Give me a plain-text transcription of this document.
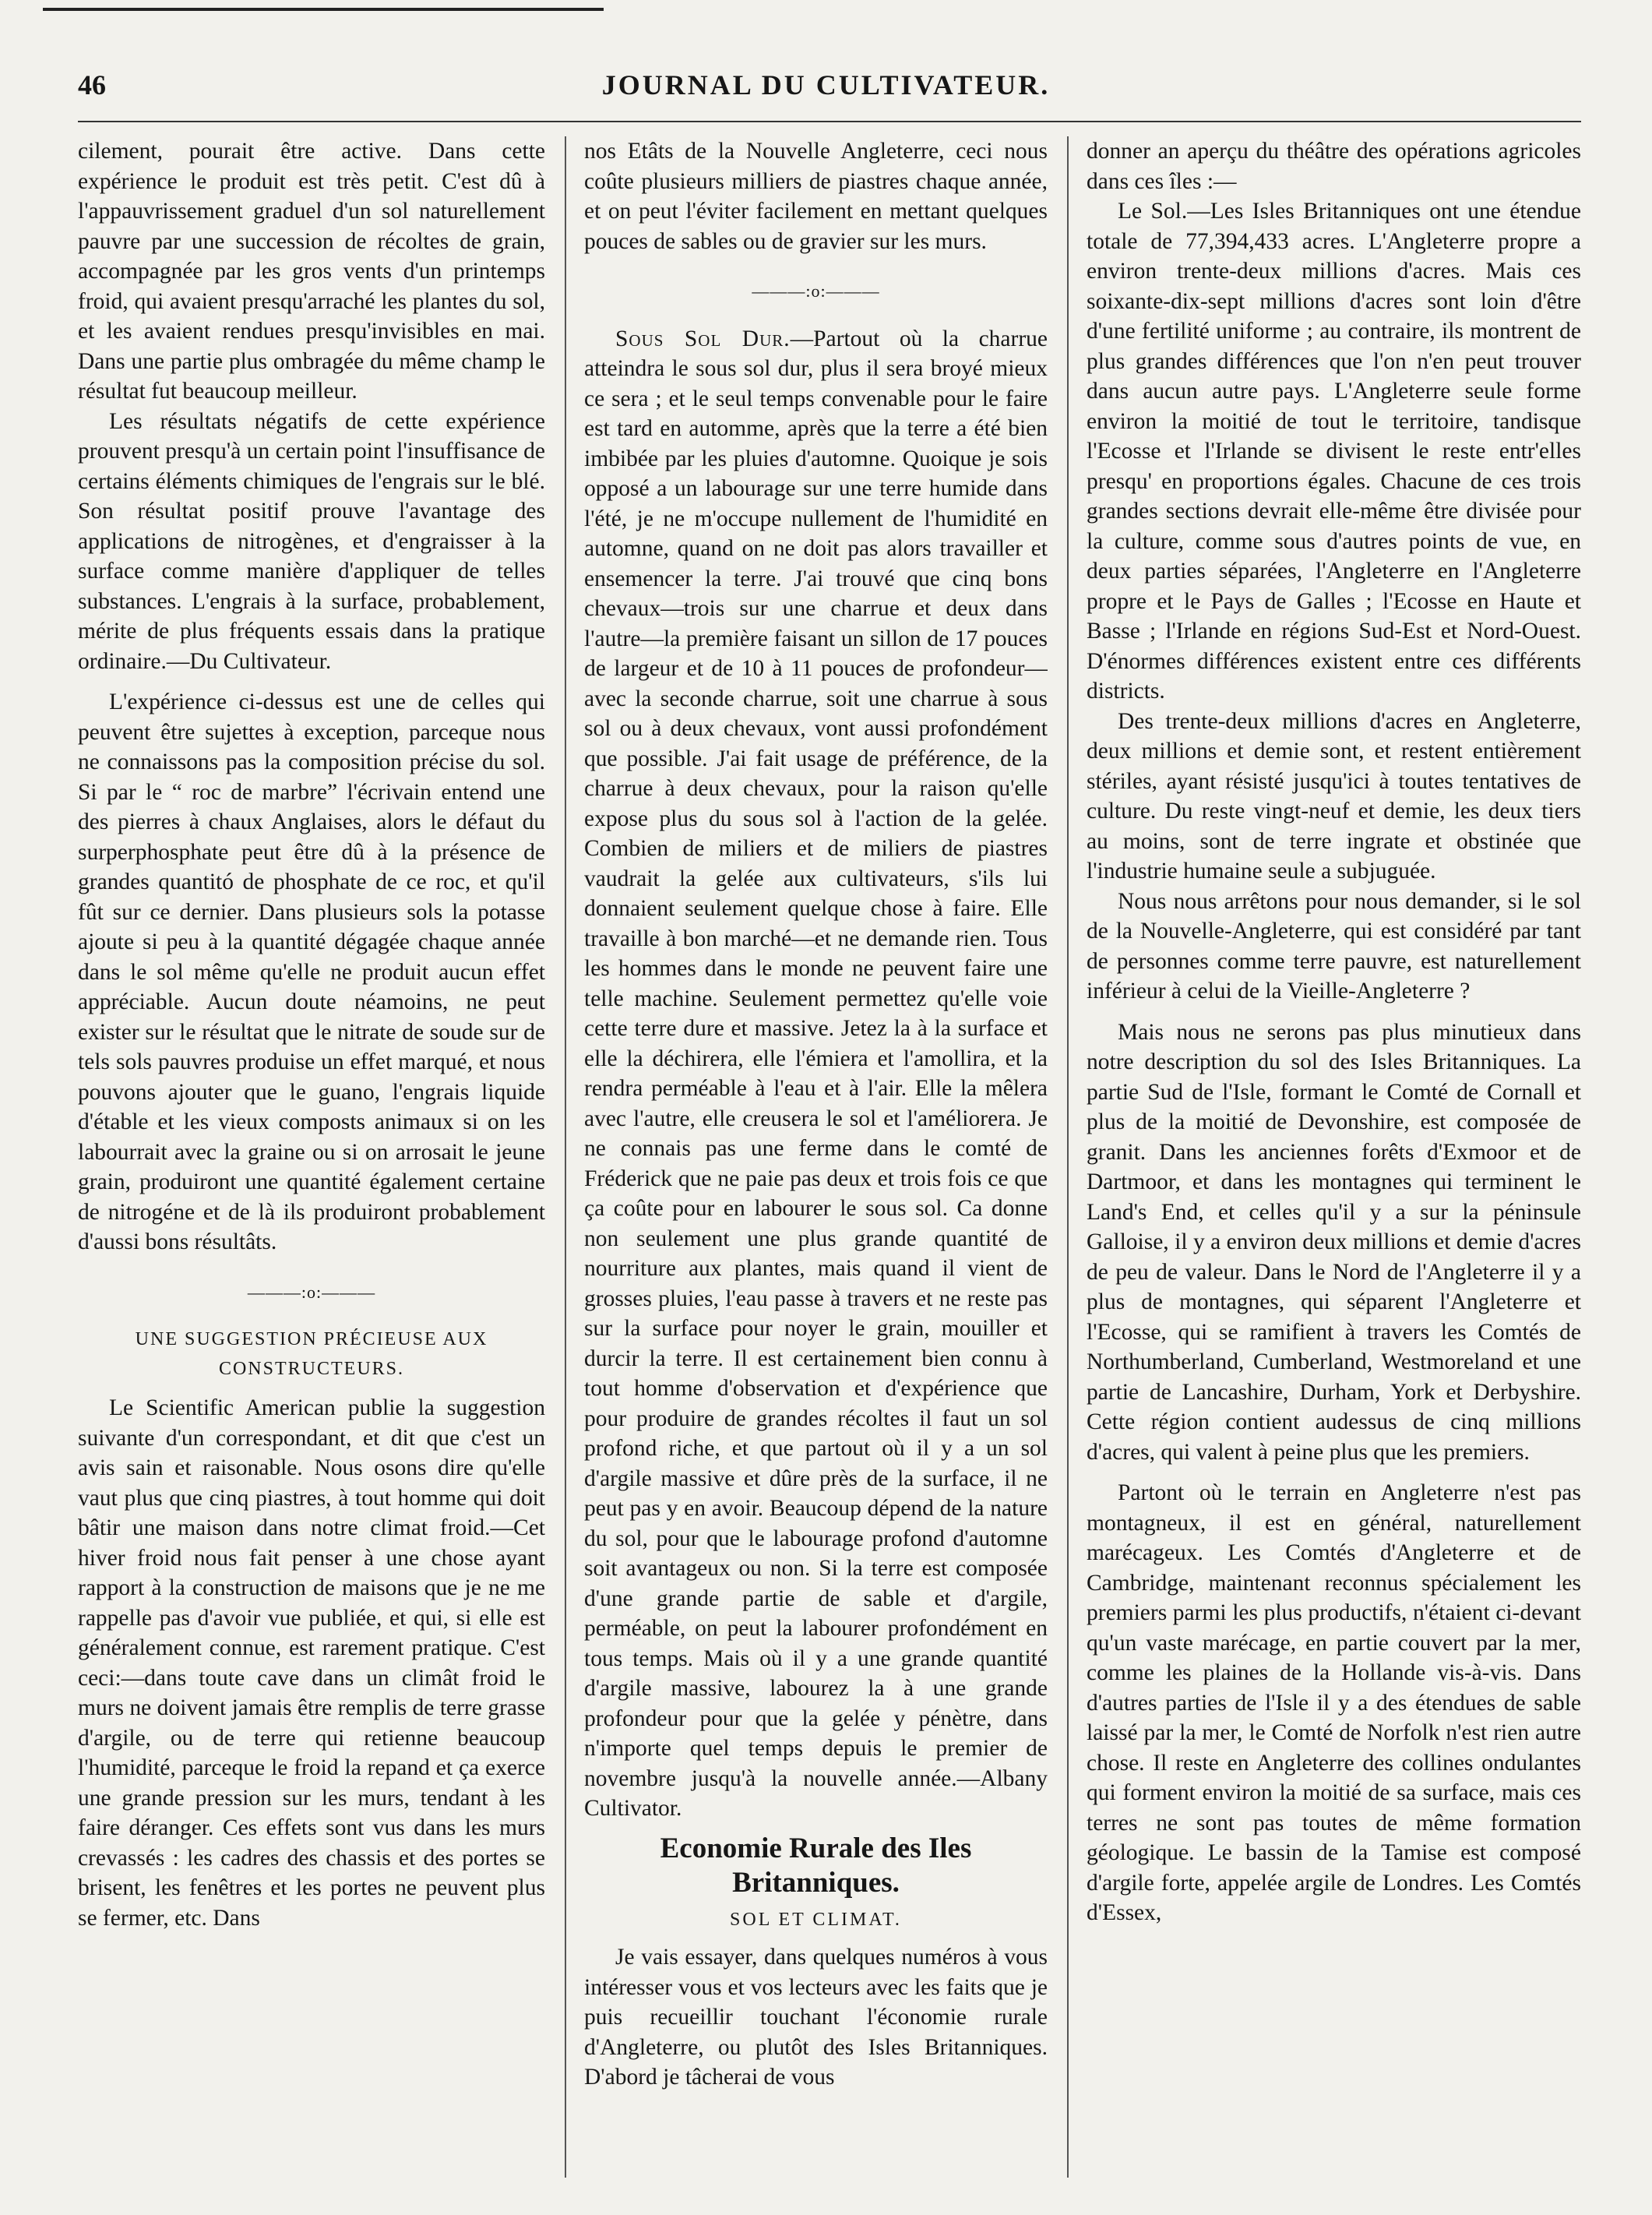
46	JOURNAL DU CULTIVATEUR.

cilement, pourait être active. Dans cette expérience le produit est très petit. C'est dû à l'appauvrissement graduel d'un sol naturellement pauvre par une succession de récoltes de grain, accompagnée par les gros vents d'un printemps froid, qui avaient presqu'arraché les plantes du sol, et les avaient rendues presqu'invisibles en mai. Dans une partie plus ombragée du même champ le résultat fut beaucoup meilleur.

Les résultats négatifs de cette expérience prouvent presqu'à un certain point l'insuffisance de certains éléments chimiques de l'engrais sur le blé. Son résultat positif prouve l'avantage des applications de nitrogènes, et d'engraisser à la surface comme manière d'appliquer de telles substances. L'engrais à la surface, probablement, mérite de plus fréquents essais dans la pratique ordinaire.—Du Cultivateur.

L'expérience ci-dessus est une de celles qui peuvent être sujettes à exception, parceque nous ne connaissons pas la composition précise du sol. Si par le “ roc de marbre” l'écrivain entend une des pierres à chaux Anglaises, alors le défaut du surperphosphate peut être dû à la présence de grandes quantitó de phosphate de ce roc, et qu'il fût sur ce dernier. Dans plusieurs sols la potasse ajoute si peu à la quantité dégagée chaque année dans le sol même qu'elle ne produit aucun effet appréciable. Aucun doute néamoins, ne peut exister sur le résultat que le nitrate de soude sur de tels sols pauvres produise un effet marqué, et nous pouvons ajouter que le guano, l'engrais liquide d'étable et les vieux composts animaux si on les labourrait avec la graine ou si on arrosait le jeune grain, produiront une quantité également certaine de nitrogéne et de là ils produiront probablement d'aussi bons résultâts.

———:o:———
UNE SUGGESTION PRÉCIEUSE AUX CONSTRUCTEURS.

Le Scientific American publie la suggestion suivante d'un correspondant, et dit que c'est un avis sain et raisonable. Nous osons dire qu'elle vaut plus que cinq piastres, à tout homme qui doit bâtir une maison dans notre climat froid.—Cet hiver froid nous fait penser à une chose ayant rapport à la construction de maisons que je ne me rappelle pas d'avoir vue publiée, et qui, si elle est généralement connue, est rarement pratique. C'est ceci:—dans toute cave dans un climât froid le murs ne doivent jamais être remplis de terre grasse d'argile, ou de terre qui retienne beaucoup l'humidité, parceque le froid la repand et ça exerce une grande pression sur les murs, tendant à les faire déranger. Ces effets sont vus dans les murs crevassés : les cadres des chassis et des portes se brisent, les fenêtres et les portes ne peuvent plus se fermer, etc. Dans

nos Etâts de la Nouvelle Angleterre, ceci nous coûte plusieurs milliers de piastres chaque année, et on peut l'éviter facilement en mettant quelques pouces de sables ou de gravier sur les murs.

———:o:———

Sous Sol Dur.—Partout où la charrue atteindra le sous sol dur, plus il sera broyé mieux ce sera ; et le seul temps convenable pour le faire est tard en automme, après que la terre a été bien imbibée par les pluies d'automne. Quoique je sois opposé a un labourage sur une terre humide dans l'été, je ne m'occupe nullement de l'humidité en automne, quand on ne doit pas alors travailler et ensemencer la terre. J'ai trouvé que cinq bons chevaux—trois sur une charrue et deux dans l'autre—la première faisant un sillon de 17 pouces de largeur et de 10 à 11 pouces de profondeur—avec la seconde charrue, soit une charrue à sous sol ou à deux chevaux, vont aussi profondément que possible. J'ai fait usage de préférence, de la charrue à deux chevaux, pour la raison qu'elle expose plus du sous sol à l'action de la gelée. Combien de miliers et de miliers de piastres vaudrait la gelée aux cultivateurs, s'ils lui donnaient seulement quelque chose à faire. Elle travaille à bon marché—et ne demande rien. Tous les hommes dans le monde ne peuvent faire une telle machine. Seulement permettez qu'elle voie cette terre dure et massive. Jetez la à la surface et elle la déchirera, elle l'émiera et l'amollira, et la rendra perméable à l'eau et à l'air. Elle la mêlera avec l'autre, elle creusera le sol et l'améliorera. Je ne connais pas une ferme dans le comté de Fréderick que ne paie pas deux et trois fois ce que ça coûte pour en labourer le sous sol. Ca donne non seulement une plus grande quantité de nourriture aux plantes, mais quand il vient de grosses pluies, l'eau passe à travers et ne reste pas sur la surface pour noyer le grain, mouiller et durcir la terre. Il est certainement bien connu à tout homme d'observation et d'expérience que pour produire de grandes récoltes il faut un sol profond riche, et que partout où il y a un sol d'argile massive et dûre près de la surface, il ne peut pas y en avoir. Beaucoup dépend de la nature du sol, pour que le labourage profond d'automne soit avantageux ou non. Si la terre est composée d'une grande partie de sable et d'argile, perméable, on peut la labourer profondément en tous temps. Mais où il y a une grande quantité d'argile massive, labourez la à une grande profondeur pour que la gelée y pénètre, dans n'importe quel temps depuis le premier de novembre jusqu'à la nouvelle année.—Albany Cultivator.

Economie Rurale des Iles Britanniques.
SOL ET CLIMAT.

Je vais essayer, dans quelques numéros à vous intéresser vous et vos lecteurs avec les faits que je puis recueillir touchant l'économie rurale d'Angleterre, ou plutôt des Isles Britanniques. D'abord je tâcherai de vous

donner an aperçu du théâtre des opérations agricoles dans ces îles :—

Le Sol.—Les Isles Britanniques ont une étendue totale de 77,394,433 acres. L'Angleterre propre a environ trente-deux millions d'acres. Mais ces soixante-dix-sept millions d'acres sont loin d'être d'une fertilité uniforme ; au contraire, ils montrent de plus grandes différences que l'on n'en peut trouver dans aucun autre pays. L'Angleterre seule forme environ la moitié de tout le territoire, tandisque l'Ecosse et l'Irlande se divisent le reste entr'elles presqu' en proportions égales. Chacune de ces trois grandes sections devrait elle-même être divisée pour la culture, comme sous d'autres points de vue, en deux parties séparées, l'Angleterre en l'Angleterre propre et le Pays de Galles ; l'Ecosse en Haute et Basse ; l'Irlande en régions Sud-Est et Nord-Ouest. D'énormes différences existent entre ces différents districts.

Des trente-deux millions d'acres en Angleterre, deux millions et demie sont, et restent entièrement stériles, ayant résisté jusqu'ici à toutes tentatives de culture. Du reste vingt-neuf et demie, les deux tiers au moins, sont de terre ingrate et obstinée que l'industrie humaine seule a subjuguée.

Nous nous arrêtons pour nous demander, si le sol de la Nouvelle-Angleterre, qui est considéré par tant de personnes comme terre pauvre, est naturellement inférieur à celui de la Vieille-Angleterre ?

Mais nous ne serons pas plus minutieux dans notre description du sol des Isles Britanniques. La partie Sud de l'Isle, formant le Comté de Cornall et plus de la moitié de Devonshire, est composée de granit. Dans les anciennes forêts d'Exmoor et de Dartmoor, et dans les montagnes qui terminent le Land's End, et celles qu'il y a sur la péninsule Galloise, il y a environ deux millions et demie d'acres de peu de valeur. Dans le Nord de l'Angleterre il y a plus de montagnes, qui séparent l'Angleterre et l'Ecosse, qui se ramifient à travers les Comtés de Northumberland, Cumberland, Westmoreland et une partie de Lancashire, Durham, York et Derbyshire. Cette région contient audessus de cinq millions d'acres, qui valent à peine plus que les premiers.

Partont où le terrain en Angleterre n'est pas montagneux, il est en général, naturellement marécageux. Les Comtés d'Angleterre et de Cambridge, maintenant reconnus spécialement les premiers parmi les plus productifs, n'étaient ci-devant qu'un vaste marécage, en partie couvert par la mer, comme les plaines de la Hollande vis-à-vis. Dans d'autres parties de l'Isle il y a des étendues de sable laissé par la mer, le Comté de Norfolk n'est rien autre chose. Il reste en Angleterre des collines ondulantes qui forment environ la moitié de sa surface, mais ces terres ne sont pas toutes de même formation géologique. Le bassin de la Tamise est composé d'argile forte, appelée argile de Londres. Les Comtés d'Essex,
